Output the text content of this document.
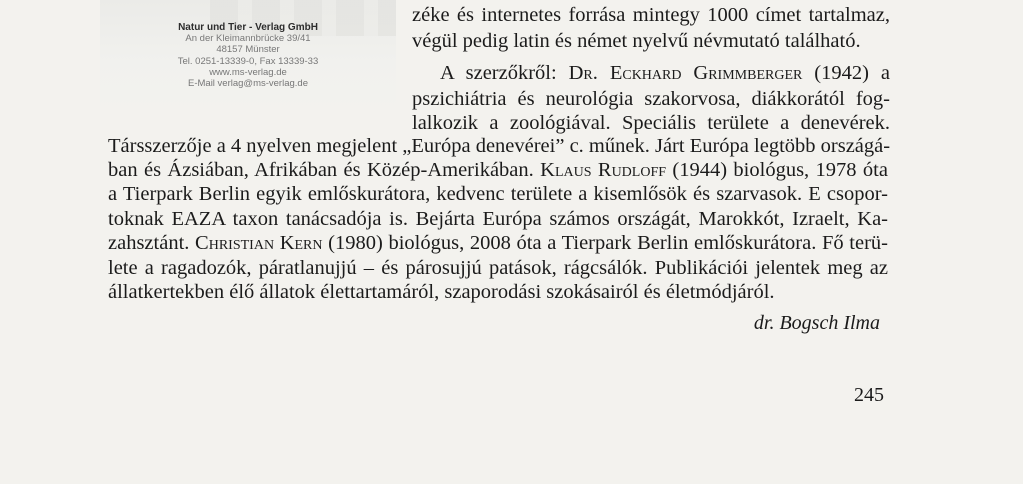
Natur und Tier - Verlag GmbH
An der Kleimannbrücke 39/41
48157 Münster
Tel. 0251-13339-0, Fax 13339-33
www.ms-verlag.de
E-Mail verlag@ms-verlag.de
zéke és internetes forrása mintegy 1000 címet tartalmaz,
végül pedig latin és német nyelvű névmutató található.
A szerzőkről: Dr. Eckhard Grimmberger (1942) a
pszichiátria és neurológia szakorvosa, diákkorától fog-
lalkozik a zoológiával. Speciális területe a denevérek.
Társszerzője a 4 nyelven megjelent „Európa denevérei” c. műnek. Járt Európa legtöbb országá-
ban és Ázsiában, Afrikában és Közép-Amerikában. Klaus Rudloff (1944) biológus, 1978 óta
a Tierpark Berlin egyik emlőskurátora, kedvenc területe a kisemlősök és szarvasok. E csopor-
toknak EAZA taxon tanácsadója is. Bejárta Európa számos országát, Marokkót, Izraelt, Ka-
zahsztánt. Christian Kern (1980) biológus, 2008 óta a Tierpark Berlin emlőskurátora. Fő terü-
lete a ragadozók, páratlanujjú – és párosujjú patások, rágcsálók. Publikációi jelentek meg az
állatkertekben élő állatok élettartamáról, szaporodási szokásairól és életmódjáról.
dr. Bogsch Ilma
245
